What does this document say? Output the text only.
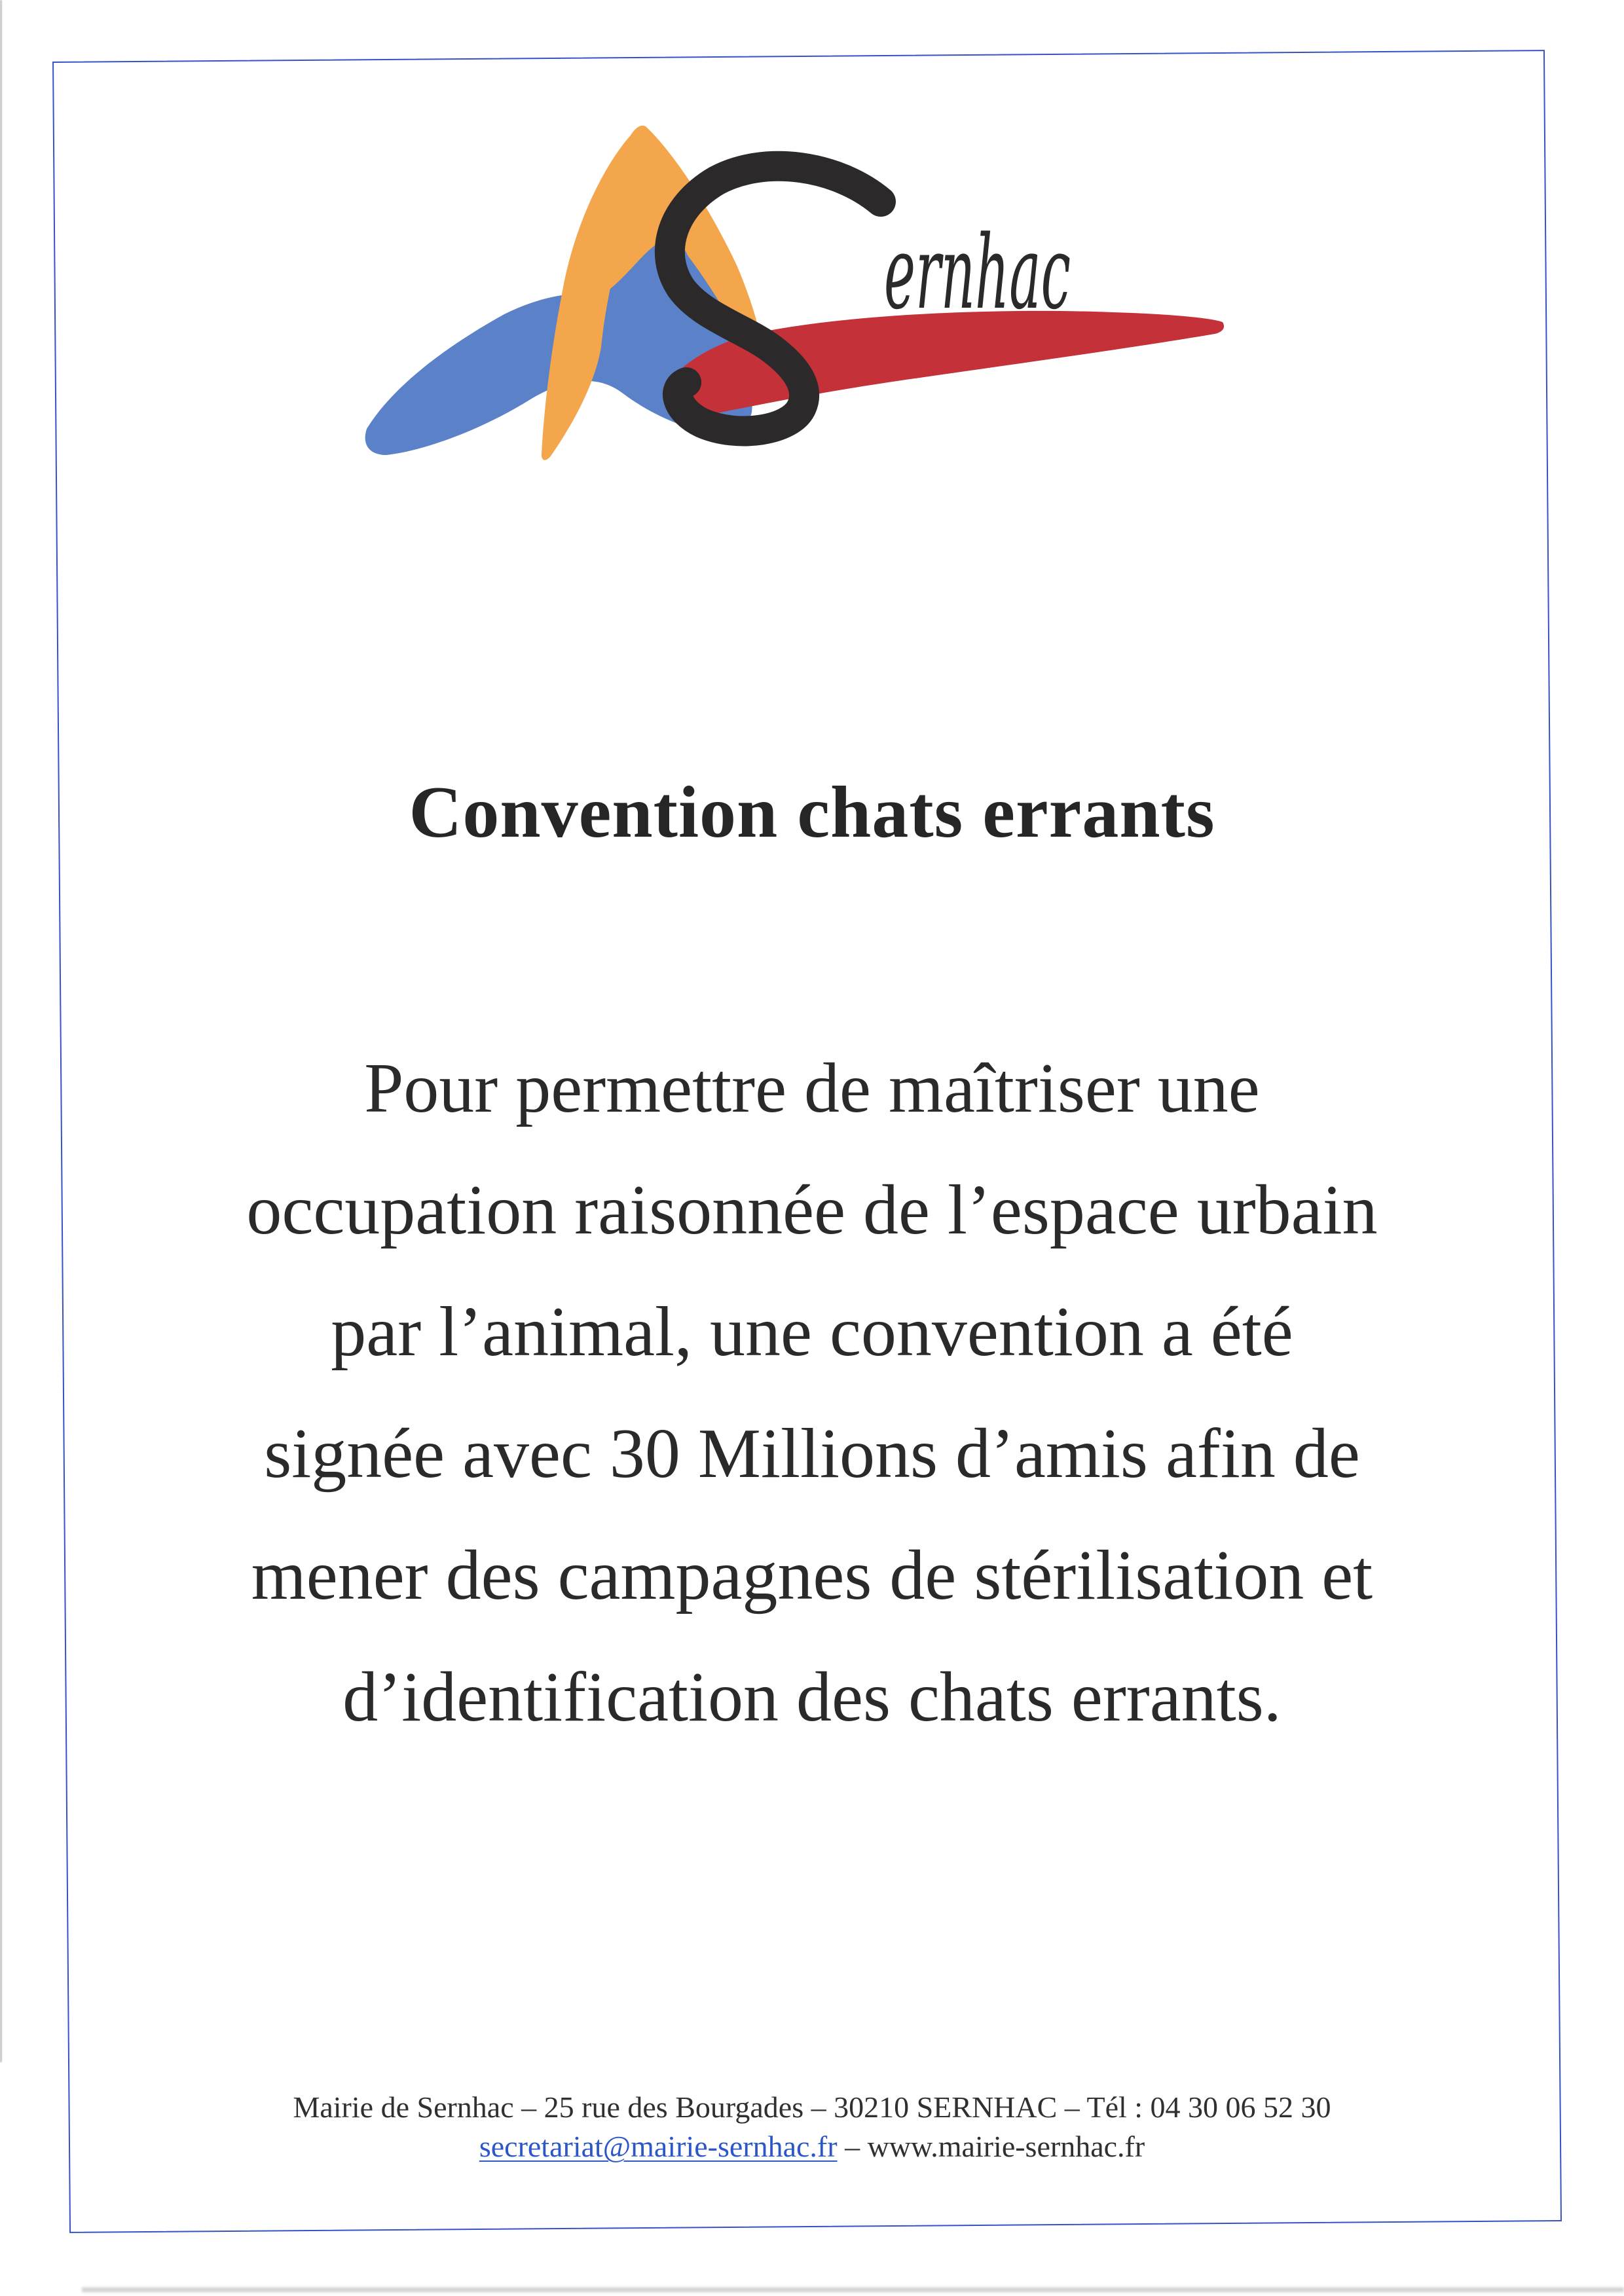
ernhac
Convention chats errants
Pour permettre de maîtriser une
occupation raisonnée de l’espace urbain
par l’animal, une convention a été
signée avec 30 Millions d’amis afin de
mener des campagnes de stérilisation et
d’identification des chats errants.
Mairie de Sernhac – 25 rue des Bourgades – 30210 SERNHAC – Tél : 04 30 06 52 30
secretariat@mairie-sernhac.fr – www.mairie-sernhac.fr
